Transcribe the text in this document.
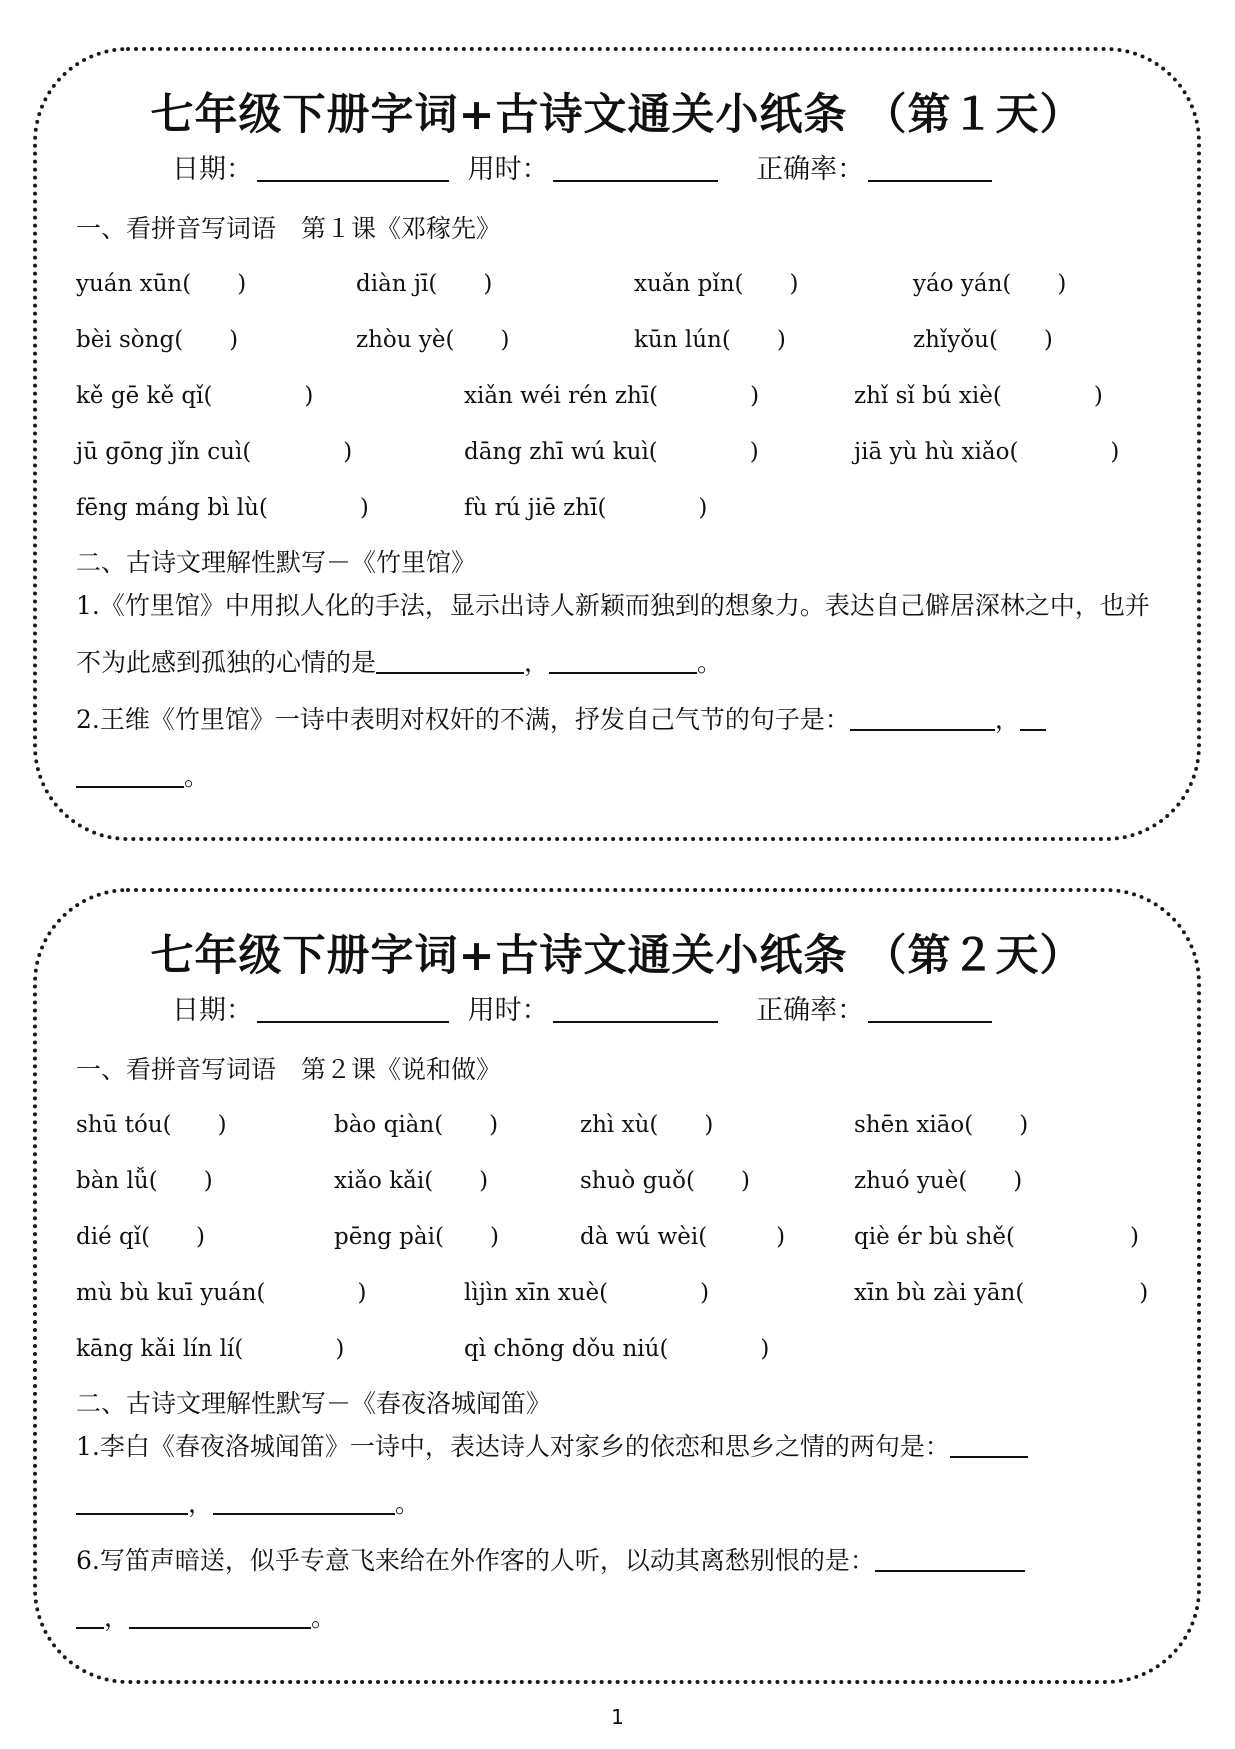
七年级下册字词+古诗文通关小纸条 （第１天）
日期：	用时：	正确率：
一、看拼音写词语　第１课《邓稼先》
yuán xūn(　　)	diàn jī(　　)	xuǎn pǐn(　　)	yáo yán(　　)
bèi sòng(　　)	zhòu yè(　　)	kūn lún(　　)	zhǐyǒu(　　)
kě gē kě qǐ(　　　　)	xiǎn wéi rén zhī(　　　　)	zhǐ sǐ bú xiè(　　　　)
jū gōng jǐn cuì(　　　　)	dāng zhī wú kuì(　　　　)	jiā yù hù xiǎo(　　　　)
fēng máng bì lù(　　　　)	fù rú jiē zhī(　　　　)
二、古诗文理解性默写－《竹里馆》
1.《竹里馆》中用拟人化的手法，显示出诗人新颖而独到的想象力。表达自己僻居深林之中，也并不为此感到孤独的心情的是	，	。
2.王维《竹里馆》一诗中表明对权奸的不满，抒发自己气节的句子是：	，
。
七年级下册字词+古诗文通关小纸条 （第２天）
日期：	用时：	正确率：
一、看拼音写词语　第２课《说和做》
shū tóu(　　)	bào qiàn(　　)	zhì xù(　　)	shēn xiāo(　　)
bàn lǚ(　　)	xiǎo kǎi(　　)	shuò guǒ(　　)	zhuó yuè(　　)
dié qǐ(　　)	pēng pài(　　)	dà wú wèi(　　　)	qiè ér bù shě(　　　　　)
mù bù kuī yuán(　　　　)	lìjìn xīn xuè(　　　　)	xīn bù zài yān(　　　　　)
kāng kǎi lín lí(　　　　)	qì chōng dǒu niú(　　　　)
二、古诗文理解性默写－《春夜洛城闻笛》
1.李白《春夜洛城闻笛》一诗中，表达诗人对家乡的依恋和思乡之情的两句是：
，	。
6.写笛声暗送，似乎专意飞来给在外作客的人听，以动其离愁别恨的是：
，	。
1
